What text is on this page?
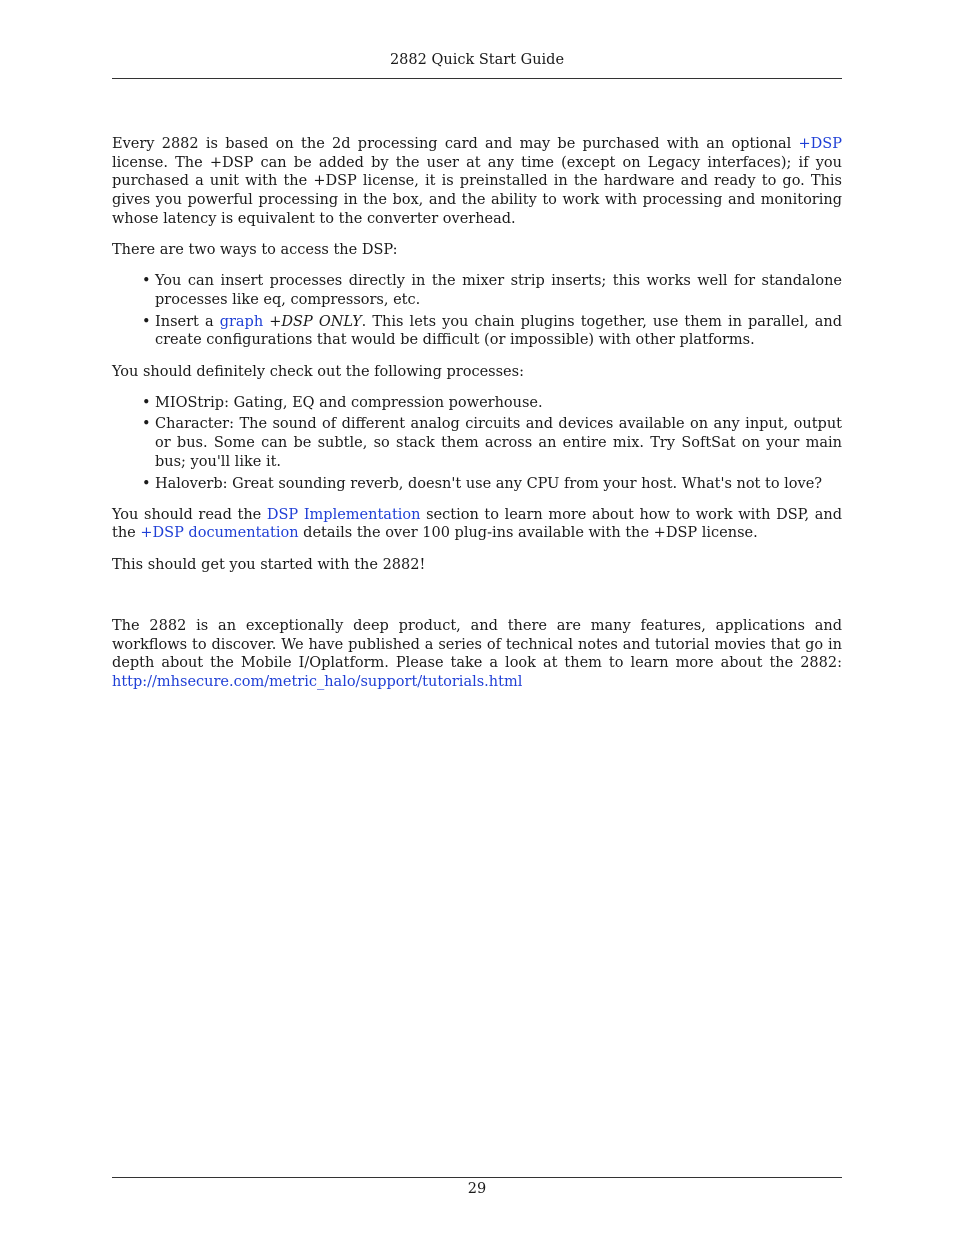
2882 Quick Start Guide

Every 2882 is based on the 2d processing card and may be purchased with an optional +DSP license. The +DSP can be added by the user at any time (except on Legacy interfaces); if you purchased a unit with the +DSP license, it is preinstalled in the hardware and ready to go. This gives you powerful processing in the box, and the ability to work with processing and monitoring whose latency is equivalent to the converter overhead.

There are two ways to access the DSP:

• You can insert processes directly in the mixer strip inserts; this works well for standalone processes like eq, compressors, etc.
• Insert a graph +DSP ONLY. This lets you chain plugins together, use them in parallel, and create configurations that would be difficult (or impossible) with other platforms.

You should definitely check out the following processes:

• MIOStrip: Gating, EQ and compression powerhouse.
• Character: The sound of different analog circuits and devices available on any input, output or bus. Some can be subtle, so stack them across an entire mix. Try SoftSat on your main bus; you'll like it.
• Haloverb: Great sounding reverb, doesn't use any CPU from your host. What's not to love?

You should read the DSP Implementation section to learn more about how to work with DSP, and the +DSP documentation details the over 100 plug-ins available with the +DSP license.

This should get you started with the 2882!

The 2882 is an exceptionally deep product, and there are many features, applications and workflows to discover. We have published a series of technical notes and tutorial movies that go in depth about the Mobile I/Oplatform. Please take a look at them to learn more about the 2882: http://mhsecure.com/metric_halo/support/tutorials.html

29
